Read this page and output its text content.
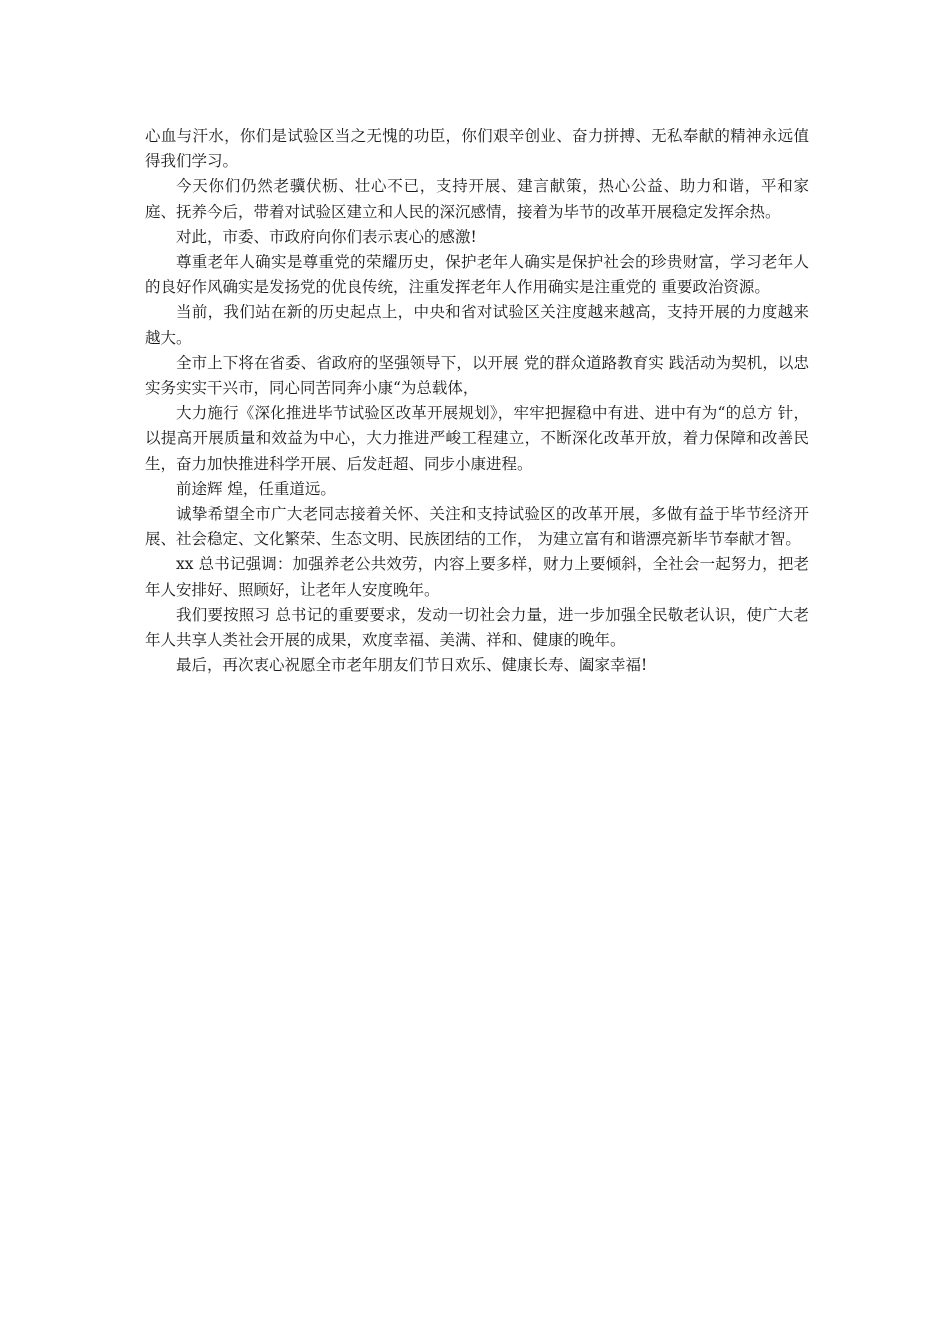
心血与汗水，你们是试验区当之无愧的功臣，你们艰辛创业、奋力拼搏、无私奉献的精神永远值得我们学习。

今天你们仍然老骥伏枥、壮心不已，支持开展、建言献策，热心公益、助力和谐，平和家庭、抚养今后，带着对试验区建立和人民的深沉感情，接着为毕节的改革开展稳定发挥余热。

对此，市委、市政府向你们表示衷心的感激!

尊重老年人确实是尊重党的荣耀历史，保护老年人确实是保护社会的珍贵财富，学习老年人的良好作风确实是发扬党的优良传统，注重发挥老年人作用确实是注重党的 重要政治资源。

当前，我们站在新的历史起点上，中央和省对试验区关注度越来越高，支持开展的力度越来越大。

全市上下将在省委、省政府的坚强领导下，以开展 党的群众道路教育实 践活动为契机，以忠实务实实干兴市，同心同苦同奔小康“为总载体，

大力施行《深化推进毕节试验区改革开展规划》，牢牢把握稳中有进、进中有为“的总方 针，以提高开展质量和效益为中心，大力推进严峻工程建立，不断深化改革开放，着力保障和改善民生，奋力加快推进科学开展、后发赶超、同步小康进程。

前途辉 煌，任重道远。

诚挚希望全市广大老同志接着关怀、关注和支持试验区的改革开展，多做有益于毕节经济开展、社会稳定、文化繁荣、生态文明、民族团结的工作， 为建立富有和谐漂亮新毕节奉献才智。

xx 总书记强调：加强养老公共效劳，内容上要多样，财力上要倾斜，全社会一起努力，把老年人安排好、照顾好，让老年人安度晚年。

我们要按照习 总书记的重要要求，发动一切社会力量，进一步加强全民敬老认识，使广大老年人共享人类社会开展的成果，欢度幸福、美满、祥和、健康的晚年。

最后，再次衷心祝愿全市老年朋友们节日欢乐、健康长寿、阖家幸福!
